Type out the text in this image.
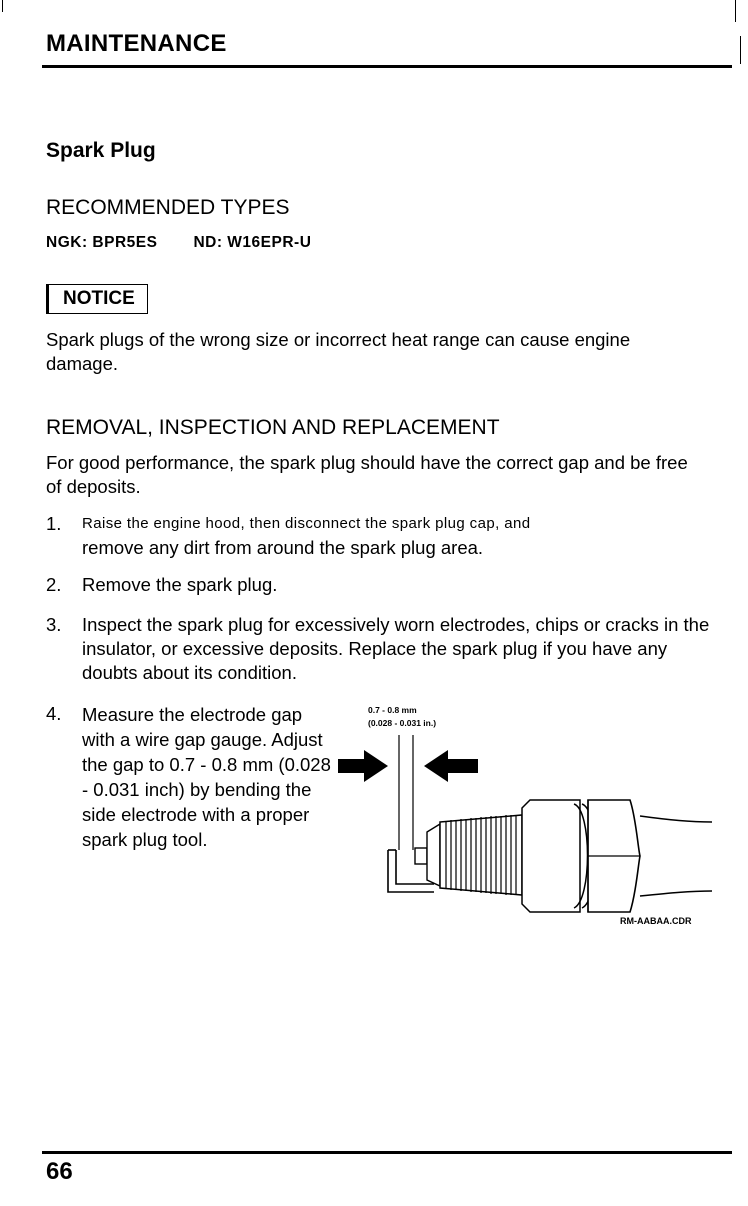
MAINTENANCE
Spark Plug
RECOMMENDED TYPES
NGK: BPR5ES ND: W16EPR-U
NOTICE
Spark plugs of the wrong size or incorrect heat range can cause engine damage.
REMOVAL, INSPECTION AND REPLACEMENT
For good performance, the spark plug should have the correct gap and be free of deposits.
1. Raise the engine hood, then disconnect the spark plug cap, and
remove any dirt from around the spark plug area.
2. Remove the spark plug.
3. Inspect the spark plug for excessively worn electrodes, chips or cracks in the insulator, or excessive deposits. Replace the spark plug if you have any doubts about its condition.
4. Measure the electrode gap with a wire gap gauge. Adjust the gap to 0.7 - 0.8 mm (0.028 - 0.031 inch) by bending the side electrode with a proper spark plug tool.
0.7 - 0.8 mm
(0.028 - 0.031 in.)
RM-AABAA.CDR
66
